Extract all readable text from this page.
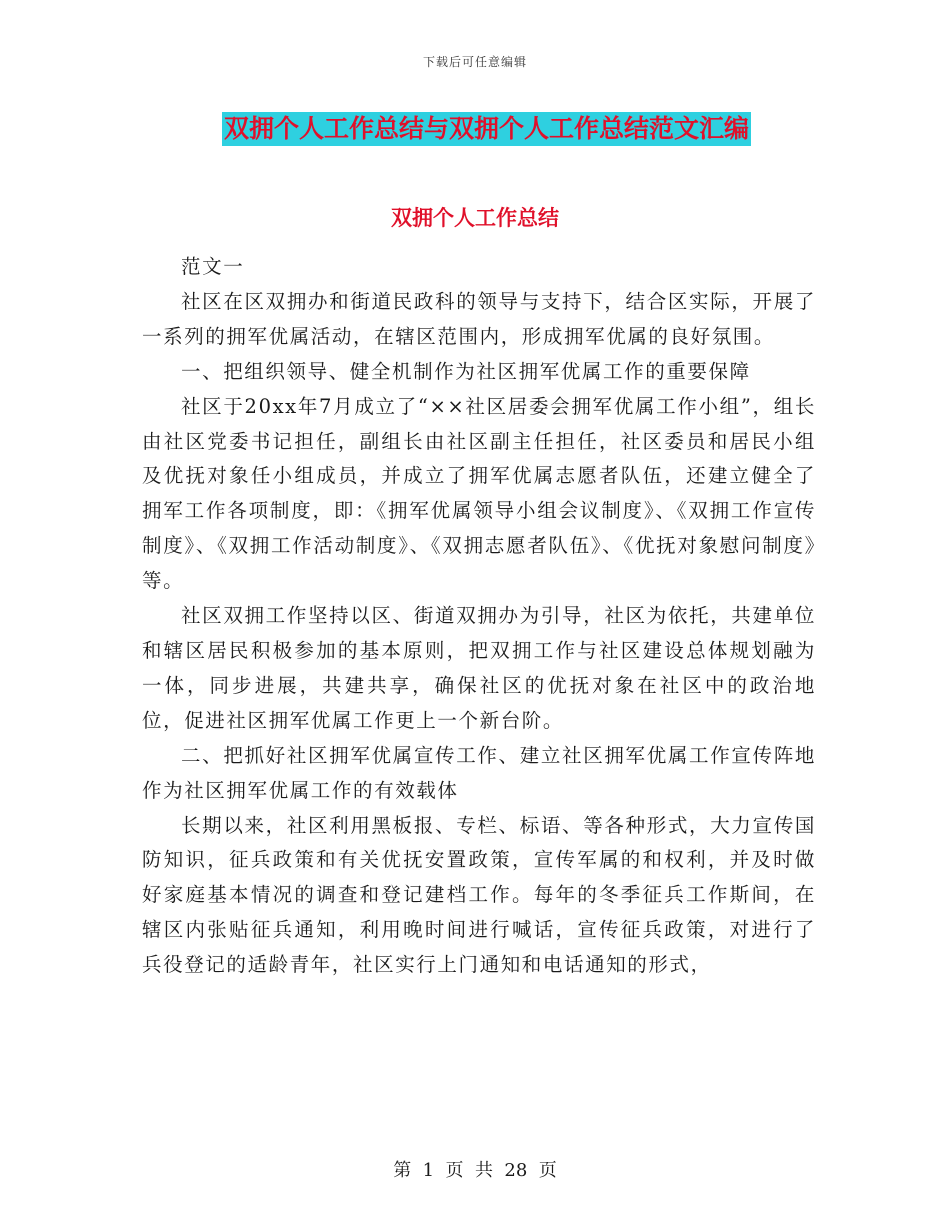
下载后可任意编辑
双拥个人工作总结与双拥个人工作总结范文汇编
双拥个人工作总结

范文一

社区在区双拥办和街道民政科的领导与支持下，结合区实际，开展了一系列的拥军优属活动，在辖区范围内，形成拥军优属的良好氛围。

一、把组织领导、健全机制作为社区拥军优属工作的重要保障

社区于20xx年7月成立了“××社区居委会拥军优属工作小组”，组长由社区党委书记担任，副组长由社区副主任担任，社区委员和居民小组及优抚对象任小组成员，并成立了拥军优属志愿者队伍，还建立健全了拥军工作各项制度，即：《拥军优属领导小组会议制度》、《双拥工作宣传制度》、《双拥工作活动制度》、《双拥志愿者队伍》、《优抚对象慰问制度》等。

社区双拥工作坚持以区、街道双拥办为引导，社区为依托，共建单位和辖区居民积极参加的基本原则，把双拥工作与社区建设总体规划融为一体，同步进展，共建共享，确保社区的优抚对象在社区中的政治地位，促进社区拥军优属工作更上一个新台阶。

二、把抓好社区拥军优属宣传工作、建立社区拥军优属工作宣传阵地作为社区拥军优属工作的有效载体

长期以来，社区利用黑板报、专栏、标语、等各种形式，大力宣传国防知识，征兵政策和有关优抚安置政策，宣传军属的和权利，并及时做好家庭基本情况的调查和登记建档工作。每年的冬季征兵工作斯间，在辖区内张贴征兵通知，利用晚时间进行喊话，宣传征兵政策，对进行了兵役登记的适龄青年，社区实行上门通知和电话通知的形式，

第  1  页  共  28  页
